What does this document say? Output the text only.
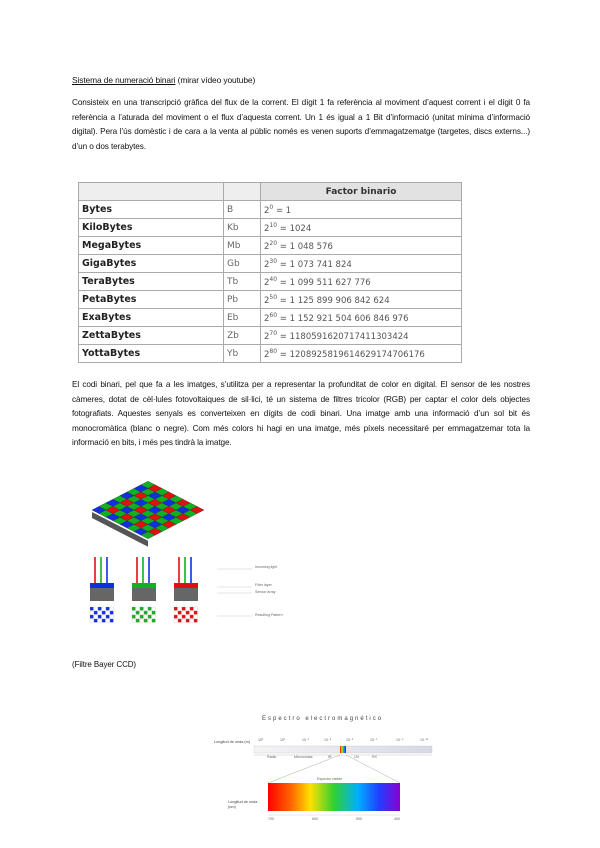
Sistema de numeració binari (mirar vídeo youtube)
Consisteix en una transcripció gràfica del flux de la corrent. El dígit 1 fa referència al moviment d’aquest corrent i el dígit 0 fa referència a l’aturada del moviment o el flux d’aquesta corrent. Un 1 és igual a 1 Bit d’informació (unitat mínima d’informació digital). Pera l’ús domèstic i de cara a la venta al públic només es venen suports d’emmagatzematge (targetes, discs externs...) d’un o dos terabytes.
		Factor binario
Bytes	B	$2^0 = 1$
KiloBytes	Kb	$2^{10} = 1024$
MegaBytes	Mb	$2^{20} = 1$ 048 576
GigaBytes	Gb	$2^{30} = 1$ 073 741 824
TeraBytes	Tb	$2^{40} = 1$ 099 511 627 776
PetaBytes	Pb	$2^{50} = 1$ 125 899 906 842 624
ExaBytes	Eb	$2^{60} = 1$ 152 921 504 606 846 976
ZettaBytes	Zb	$2^{70} = 1180591620717411303424$
YottaBytes	Yb	$2^{80} = 1208925819614629174706176$
El codi binari, pel que fa a les imatges, s’utilitza per a representar la profunditat de color en digital. El sensor de les nostres càmeres, dotat de cèl·lules fotovoltaiques de sil·lici, té un sistema de filtres tricolor (RGB) per captar el color dels objectes fotografiats. Aquestes senyals es converteixen en dígits de codi binari. Una imatge amb una informació d’un sol bit és monocromàtica (blanc o negre). Com més colors hi hagi en una imatge, més píxels necessitaré per emmagatzemar tota la informació en bits, i més pes tindrà la imatge.
Incoming light
Filter layer
Sensor array
Resulting Pattern
(Filtre Bayer CCD)
Espectro electromagnético
Longitud de onda (m)	10³	10¹	10⁻¹	10⁻³	10⁻⁵	10⁻⁷	10⁻⁹	10⁻¹¹
Radio	Microondas	IR	UV	RX
Espectro visible
Longitud de onda (nm)
700	600	500	400
